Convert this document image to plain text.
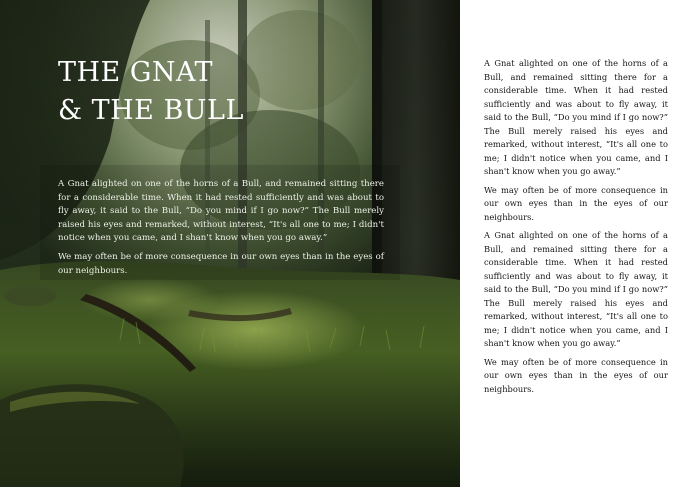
THE GNAT
& THE BULL

A Gnat alighted on one of the horns of a Bull, and remained sitting there for a considerable time. When it had rested sufficiently and was about to fly away, it said to the Bull, “Do you mind if I go now?” The Bull merely raised his eyes and remarked, without interest, “It's all one to me; I didn't notice when you came, and I shan't know when you go away.”

We may often be of more consequence in our own eyes than in the eyes of our neighbours.

A Gnat alighted on one of the horns of a Bull, and remained sitting there for a considerable time. When it had rested sufficiently and was about to fly away, it said to the Bull, “Do you mind if I go now?” The Bull merely raised his eyes and remarked, without interest, “It's all one to me; I didn't notice when you came, and I shan't know when you go away.”

We may often be of more consequence in our own eyes than in the eyes of our neighbours.

A Gnat alighted on one of the horns of a Bull, and remained sitting there for a considerable time. When it had rested sufficiently and was about to fly away, it said to the Bull, “Do you mind if I go now?” The Bull merely raised his eyes and remarked, without interest, “It's all one to me; I didn't notice when you came, and I shan't know when you go away.”

We may often be of more consequence in our own eyes than in the eyes of our neighbours.
